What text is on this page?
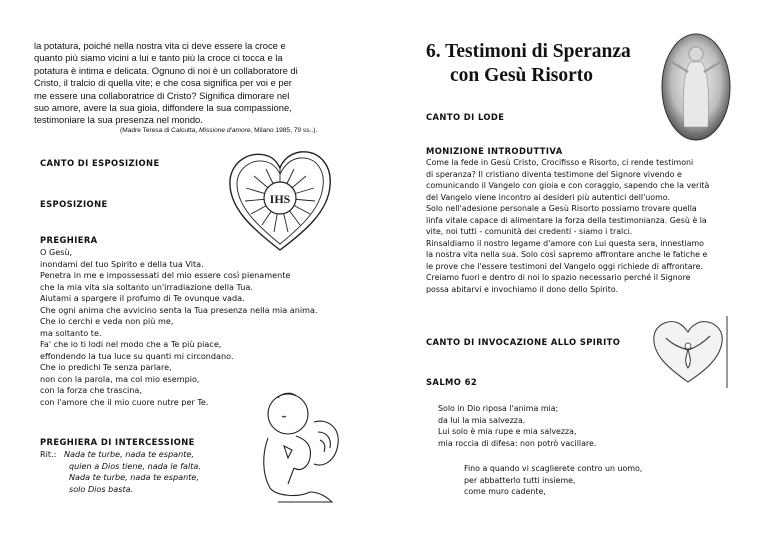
la potatura, poiché nella nostra vita ci deve essere la croce e
quanto più siamo vicini a lui e tanto più la croce ci tocca e la
potatura è intima e delicata. Ognuno di noi è un collaboratore di
Cristo, il tralcio di quella vite; e che cosa significa per voi e per
me essere una collaboratrice di Cristo? Significa dimorare nel
suo amore, avere la sua gioia, diffondere la sua compassione,
testimoniare la sua presenza nel mondo.
(Madre Teresa di Calcutta, Missione d'amore, Milano 1985, 79 ss..).
CANTO DI ESPOSIZIONE
ESPOSIZIONE	IHS
PREGHIERA
O Gesù,
inondami del tuo Spirito e della tua Vita.
Penetra in me e impossessati del mio essere così pienamente
che la mia vita sia soltanto un'irradiazione della Tua.
Aiutami a spargere il profumo di Te ovunque vada.
Che ogni anima che avvicino senta la Tua presenza nella mia anima.
Che io cerchi e veda non più me,
ma soltanto te.
Fa' che io ti lodi nel modo che a Te più piace,
effondendo la tua luce su quanti mi circondano.
Che io predichi Te senza parlare,
non con la parola, ma col mio esempio,
con la forza che trascina,
con l'amore che il mio cuore nutre per Te.
PREGHIERA DI INTERCESSIONE
Rit.: Nada te turbe, nada te espante,
quien a Dios tiene, nada le falta.
Nada te turbe, nada te espante,
solo Dios basta.
6. Testimoni di Speranza
con Gesù Risorto
CANTO DI LODE
MONIZIONE INTRODUTTIVA
Come la fede in Gesù Cristo, Crocifisso e Risorto, ci rende testimoni
di speranza? Il cristiano diventa testimone del Signore vivendo e
comunicando il Vangelo con gioia e con coraggio, sapendo che la verità
del Vangelo viene incontro ai desideri più autentici dell'uomo.
Solo nell'adesione personale a Gesù Risorto possiamo trovare quella
linfa vitale capace di alimentare la forza della testimonianza. Gesù è la
vite, noi tutti - comunità dei credenti - siamo i tralci.
Rinsaldiamo il nostro legame d'amore con Lui questa sera, innestiamo
la nostra vita nella sua. Solo così sapremo affrontare anche le fatiche e
le prove che l'essere testimoni del Vangelo oggi richiede di affrontare.
Creiamo fuori e dentro di noi lo spazio necessario perché il Signore
possa abitarvi e invochiamo il dono dello Spirito.
CANTO DI INVOCAZIONE ALLO SPIRITO
SALMO 62
Solo in Dio riposa l'anima mia;
da lui la mia salvezza.
Lui solo è mia rupe e mia salvezza,
mia roccia di difesa: non potrò vacillare.
Fino a quando vi scaglierete contro un uomo,
per abbatterlo tutti insieme,
come muro cadente,
